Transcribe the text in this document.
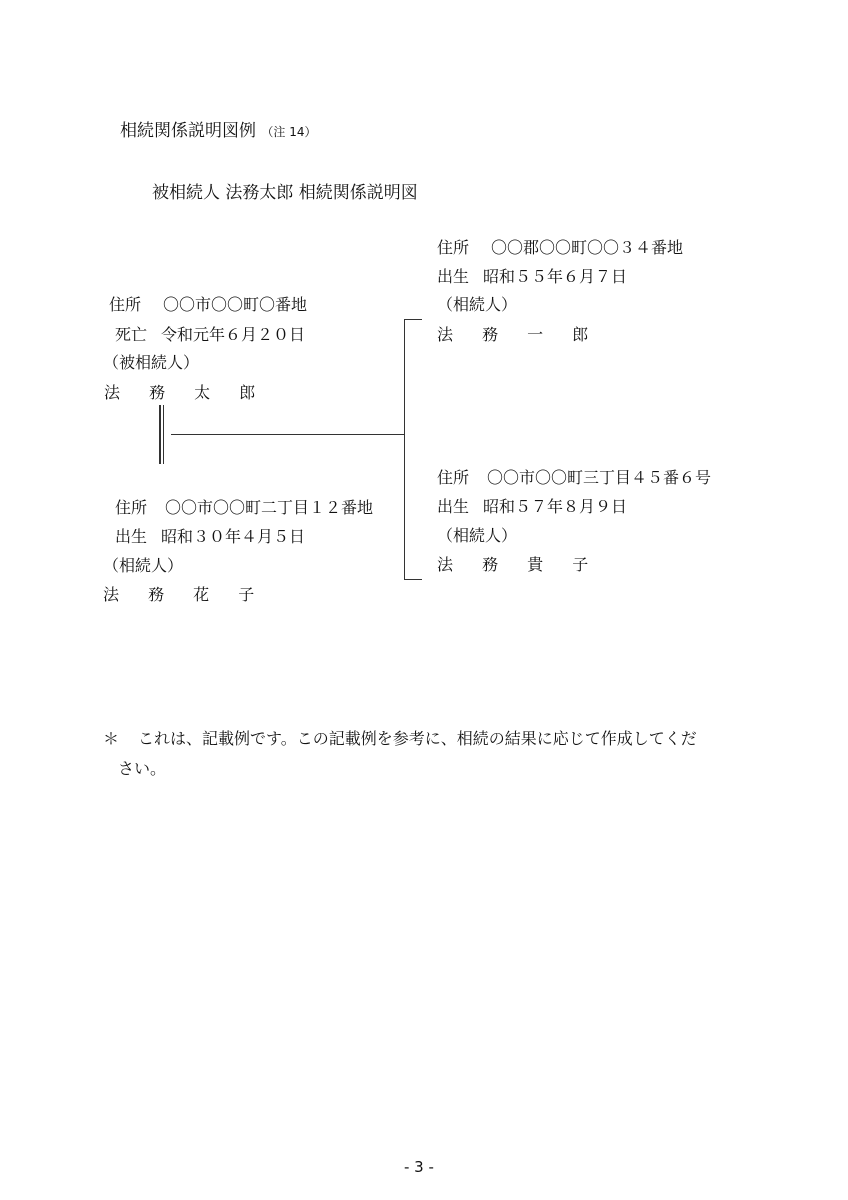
相続関係説明図例 （注 14）
被相続人 法務太郎 相続関係説明図
住所 〇〇市〇〇町〇番地
死亡 令和元年６月２０日
（被相続人）
法 務 太 郎
住所 〇〇市〇〇町二丁目１２番地
出生 昭和３０年４月５日
（相続人）
法 務 花 子
住所 〇〇郡〇〇町〇〇３４番地
出生 昭和５５年６月７日
（相続人）
法 務 一 郎
住所 〇〇市〇〇町三丁目４５番６号
出生 昭和５７年８月９日
（相続人）
法 務 貴 子
＊ これは、記載例です。この記載例を参考に、相続の結果に応じて作成してくだ
さい。
- 3 -
